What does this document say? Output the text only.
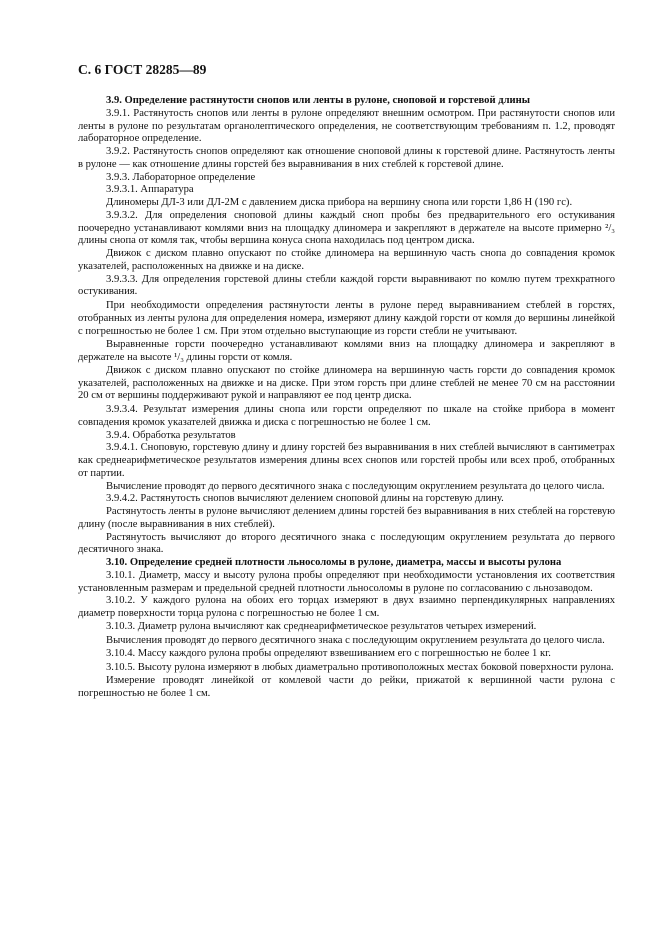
С. 6 ГОСТ 28285—89

3.9. Определение растянутости снопов или ленты в рулоне, сноповой и горстевой длины

3.9.1. Растянутость снопов или ленты в рулоне определяют внешним осмотром. При растянутости снопов или ленты в рулоне по результатам органолептического определения, не соответствующим требованиям п. 1.2, проводят лабораторное определение.

3.9.2. Растянутость снопов определяют как отношение сноповой длины к горстевой длине. Растянутость ленты в рулоне — как отношение длины горстей без выравнивания в них стеблей к горстевой длине.

3.9.3. Лабораторное определение

3.9.3.1. Аппаратура

Длиномеры ДЛ-3 или ДЛ-2М с давлением диска прибора на вершину снопа или горсти 1,86 Н (190 гс).

3.9.3.2. Для определения сноповой длины каждый сноп пробы без предварительного его остукивания поочередно устанавливают комлями вниз на площадку длиномера и закрепляют в держателе на высоте примерно ²/₃ длины снопа от комля так, чтобы вершина конуса снопа находилась под центром диска.

Движок с диском плавно опускают по стойке длиномера на вершинную часть снопа до совпадения кромок указателей, расположенных на движке и на диске.

3.9.3.3. Для определения горстевой длины стебли каждой горсти выравнивают по комлю путем трехкратного остукивания.

При необходимости определения растянутости ленты в рулоне перед выравниванием стеблей в горстях, отобранных из ленты рулона для определения номера, измеряют длину каждой горсти от комля до вершины линейкой с погрешностью не более 1 см. При этом отдельно выступающие из горсти стебли не учитывают.

Выравненные горсти поочередно устанавливают комлями вниз на площадку длиномера и закрепляют в держателе на высоте ¹/₃ длины горсти от комля.

Движок с диском плавно опускают по стойке длиномера на вершинную часть горсти до совпадения кромок указателей, расположенных на движке и на диске. При этом горсть при длине стеблей не менее 70 см на расстоянии 20 см от вершины поддерживают рукой и направляют ее под центр диска.

3.9.3.4. Результат измерения длины снопа или горсти определяют по шкале на стойке прибора в момент совпадения кромок указателей движка и диска с погрешностью не более 1 см.

3.9.4. Обработка результатов

3.9.4.1. Сноповую, горстевую длину и длину горстей без выравнивания в них стеблей вычисляют в сантиметрах как среднеарифметическое результатов измерения длины всех снопов или горстей пробы или всех проб, отобранных от партии.

Вычисление проводят до первого десятичного знака с последующим округлением результата до целого числа.

3.9.4.2. Растянутость снопов вычисляют делением сноповой длины на горстевую длину.

Растянутость ленты в рулоне вычисляют делением длины горстей без выравнивания в них стеблей на горстевую длину (после выравнивания в них стеблей).

Растянутость вычисляют до второго десятичного знака с последующим округлением результата до первого десятичного знака.

3.10. Определение средней плотности льносоломы в рулоне, диаметра, массы и высоты рулона

3.10.1. Диаметр, массу и высоту рулона пробы определяют при необходимости установления их соответствия установленным размерам и предельной средней плотности льносоломы в рулоне по согласованию с льнозаводом.

3.10.2. У каждого рулона на обоих его торцах измеряют в двух взаимно перпендикулярных направлениях диаметр поверхности торца рулона с погрешностью не более 1 см.

3.10.3. Диаметр рулона вычисляют как среднеарифметическое результатов четырех измерений.

Вычисления проводят до первого десятичного знака с последующим округлением результата до целого числа.

3.10.4. Массу каждого рулона пробы определяют взвешиванием его с погрешностью не более 1 кг.

3.10.5. Высоту рулона измеряют в любых диаметрально противоположных местах боковой поверхности рулона.

Измерение проводят линейкой от комлевой части до рейки, прижатой к вершинной части рулона с погрешностью не более 1 см.
